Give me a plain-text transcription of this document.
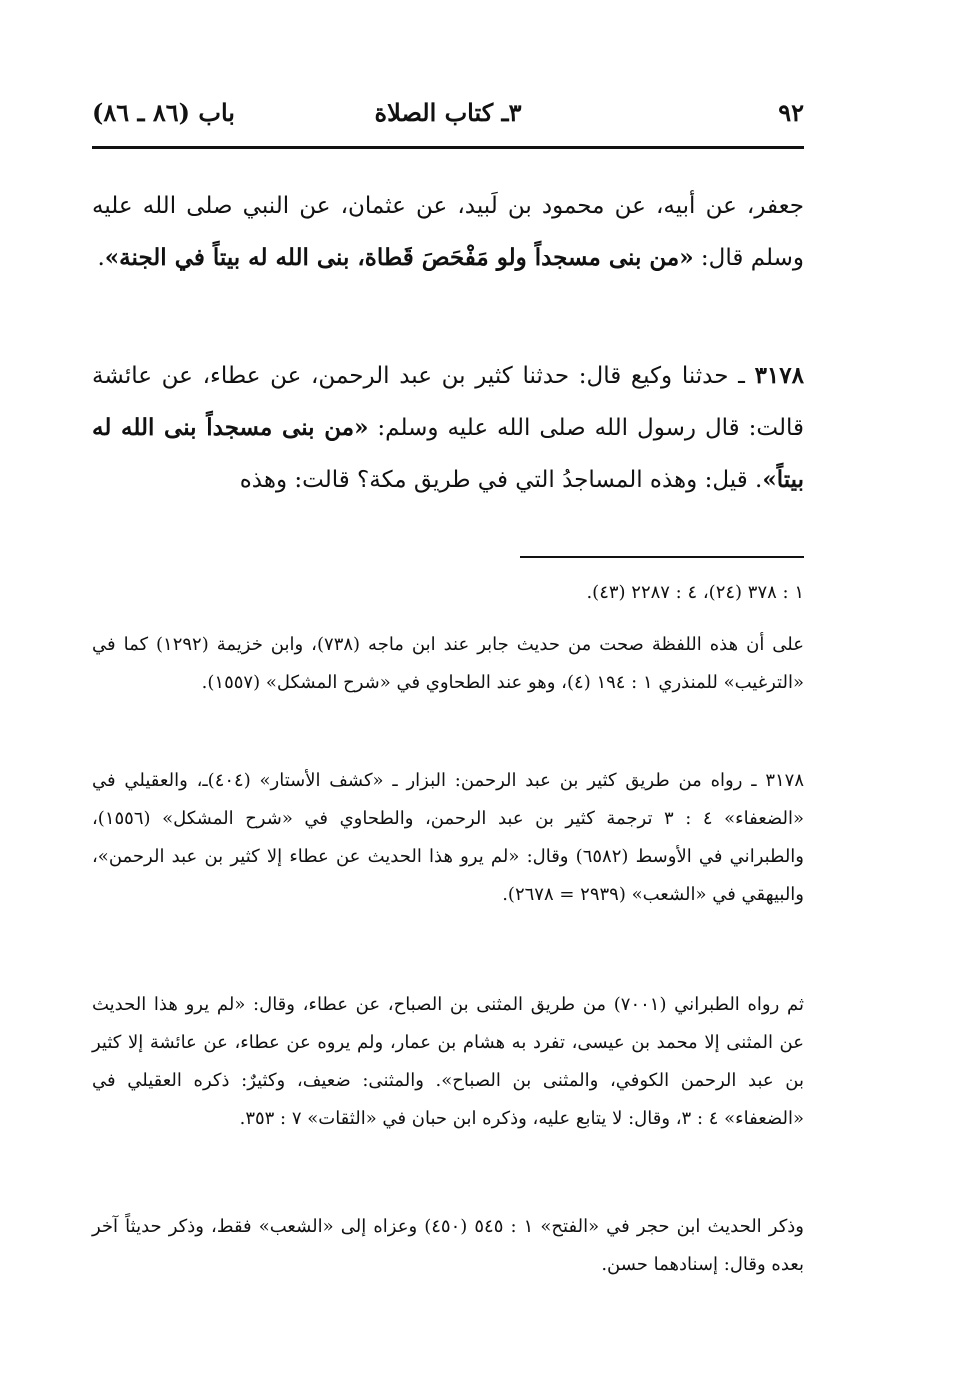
٩٢
٣ـ كتاب الصلاة
باب (٨٦ ـ ٨٦)
جعفر، عن أبيه، عن محمود بن لَبيد، عن عثمان، عن النبي صلى الله عليه وسلم قال: «من بنى مسجداً ولو مَفْحَصَ قَطاة، بنى الله له بيتاً في الجنة».
٣١٧٨ ـ حدثنا وكيع قال: حدثنا كثير بن عبد الرحمن، عن عطاء، عن عائشة قالت: قال رسول الله صلى الله عليه وسلم: «من بنى مسجداً بنى الله له بيتاً». قيل: وهذه المساجدُ التي في طريق مكة؟ قالت: وهذه
١ : ٣٧٨ (٢٤)، ٤ : ٢٢٨٧ (٤٣).
على أن هذه اللفظة صحت من حديث جابر عند ابن ماجه (٧٣٨)، وابن خزيمة (١٢٩٢) كما في «الترغيب» للمنذري ١ : ١٩٤ (٤)، وهو عند الطحاوي في «شرح المشكل» (١٥٥٧).
٣١٧٨ ـ رواه من طريق كثير بن عبد الرحمن: البزار ـ «كشف الأستار» (٤٠٤)ـ، والعقيلي في «الضعفاء» ٤ : ٣ ترجمة كثير بن عبد الرحمن، والطحاوي في «شرح المشكل» (١٥٥٦)، والطبراني في الأوسط (٦٥٨٢) وقال: «لم يرو هذا الحديث عن عطاء إلا كثير بن عبد الرحمن»، والبيهقي في «الشعب» (٢٩٣٩ = ٢٦٧٨).
ثم رواه الطبراني (٧٠٠١) من طريق المثنى بن الصباح، عن عطاء، وقال: «لم يرو هذا الحديث عن المثنى إلا محمد بن عيسى، تفرد به هشام بن عمار، ولم يروه عن عطاء، عن عائشة إلا كثير بن عبد الرحمن الكوفي، والمثنى بن الصباح». والمثنى: ضعيف، وكثيرٌ: ذكره العقيلي في «الضعفاء» ٤ : ٣، وقال: لا يتابع عليه، وذكره ابن حبان في «الثقات» ٧ : ٣٥٣.
وذكر الحديث ابن حجر في «الفتح» ١ : ٥٤٥ (٤٥٠) وعزاه إلى «الشعب» فقط، وذكر حديثاً آخر بعده وقال: إسنادهما حسن.
